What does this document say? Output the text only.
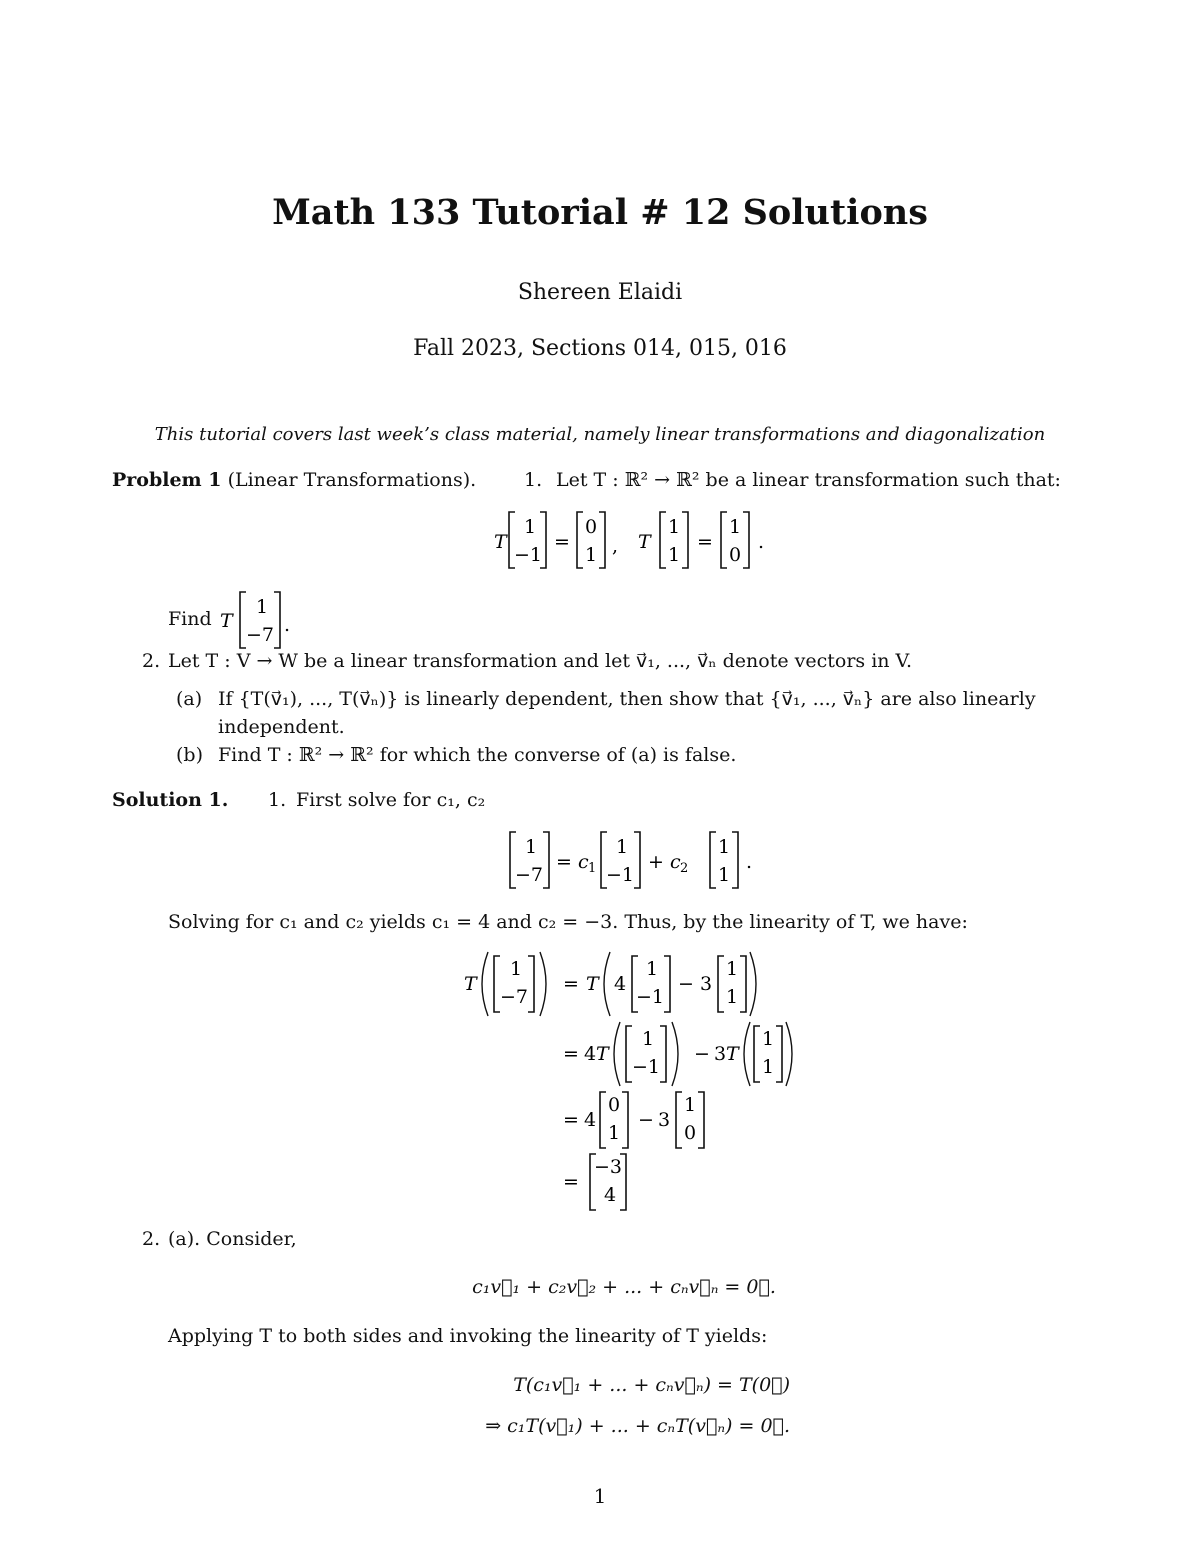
Math 133 Tutorial # 12 Solutions
Shereen Elaidi
Fall 2023, Sections 014, 015, 016
This tutorial covers last week’s class material, namely linear transformations and diagonalization
Problem 1 (Linear Transformations).	1. Let T : ℝ² → ℝ² be a linear transformation such that:
T
1
−1
=
0
1 , T
1
1
=
1
0
.
Find T
1
−7 .
2. Let T : V → W be a linear transformation and let v⃗₁, ..., v⃗ₙ denote vectors in V.
(a) If {T(v⃗₁), ..., T(v⃗ₙ)} is linearly dependent, then show that {v⃗₁, ..., v⃗ₙ} are also linearly
independent.
(b) Find T : ℝ² → ℝ² for which the converse of (a) is false.
Solution 1. 1. First solve for c₁, c₂
1
−7
= c 1
1
−1
+ c 2
1
1
.
Solving for c₁ and c₂ yields c₁ = 4 and c₂ = −3. Thus, by the linearity of T, we have:
T
1
−7
= T 4
1
−1
− 3
1
1
= 4 T
1
−1
− 3 T
1
1
= 4
0
1
− 3
1
0
=
−3
4
2. (a). Consider,
c₁v⃗₁ + c₂v⃗₂ + ... + cₙv⃗ₙ = 0⃗.
Applying T to both sides and invoking the linearity of T yields:
T(c₁v⃗₁ + ... + cₙv⃗ₙ) = T(0⃗)
⇒ c₁T(v⃗₁) + ... + cₙT(v⃗ₙ) = 0⃗.
1
